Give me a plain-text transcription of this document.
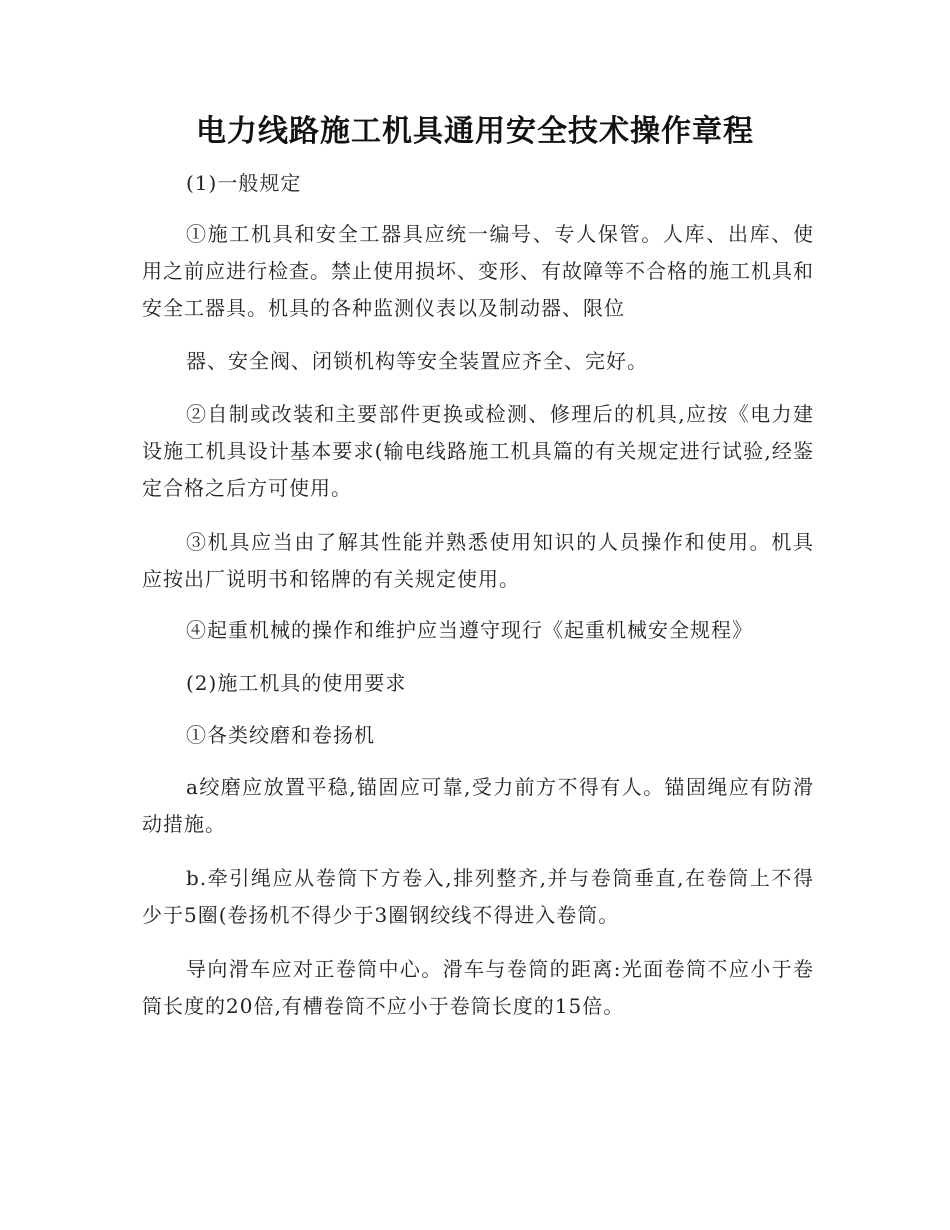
电力线路施工机具通用安全技术操作章程

(1)一般规定

①施工机具和安全工器具应统一编号、专人保管。人库、出库、使用之前应进行检查。禁止使用损坏、变形、有故障等不合格的施工机具和安全工器具。机具的各种监测仪表以及制动器、限位

器、安全阀、闭锁机构等安全装置应齐全、完好。

②自制或改装和主要部件更换或检测、修理后的机具,应按《电力建设施工机具设计基本要求(输电线路施工机具篇的有关规定进行试验,经鉴定合格之后方可使用。

③机具应当由了解其性能并熟悉使用知识的人员操作和使用。机具应按出厂说明书和铭牌的有关规定使用。

④起重机械的操作和维护应当遵守现行《起重机械安全规程》

(2)施工机具的使用要求

①各类绞磨和卷扬机

a绞磨应放置平稳,锚固应可靠,受力前方不得有人。锚固绳应有防滑动措施。

b.牵引绳应从卷筒下方卷入,排列整齐,并与卷筒垂直,在卷筒上不得少于5圈(卷扬机不得少于3圈钢绞线不得进入卷筒。

导向滑车应对正卷筒中心。滑车与卷筒的距离:光面卷筒不应小于卷筒长度的20倍,有槽卷筒不应小于卷筒长度的15倍。
